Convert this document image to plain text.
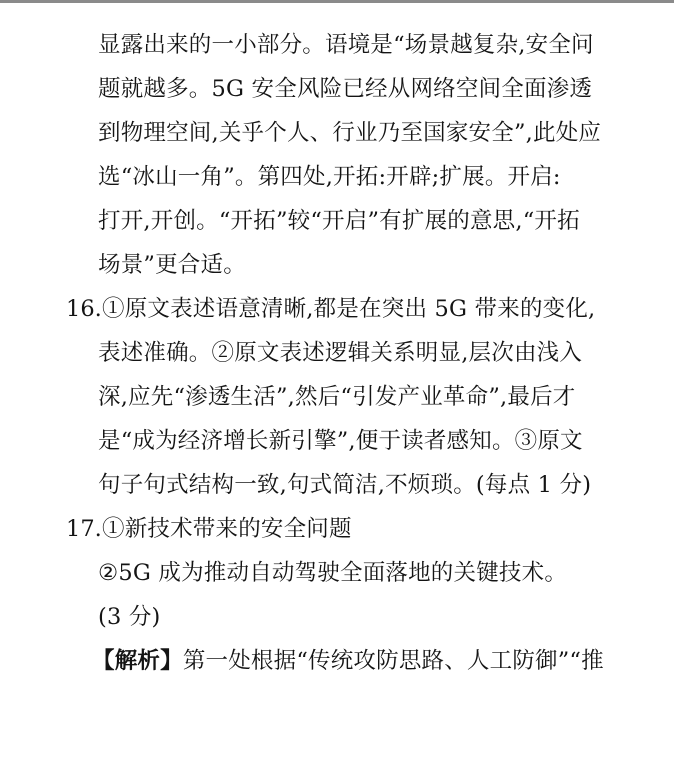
显露出来的一小部分。语境是“场景越复杂,安全问
题就越多。5G 安全风险已经从网络空间全面渗透
到物理空间,关乎个人、行业乃至国家安全”,此处应
选“冰山一角”。第四处,开拓:开辟;扩展。开启:
打开,开创。“开拓”较“开启”有扩展的意思,“开拓
场景”更合适。
16. ①原文表述语意清晰,都是在突出 5G 带来的变化,
表述准确。②原文表述逻辑关系明显,层次由浅入
深,应先“渗透生活”,然后“引发产业革命”,最后才
是“成为经济增长新引擎”,便于读者感知。③原文
句子句式结构一致,句式简洁,不烦琐。(每点 1 分)
17. ①新技术带来的安全问题
②5G 成为推动自动驾驶全面落地的关键技术。
(3 分)
【解析】第一处根据“传统攻防思路、人工防御”“推
